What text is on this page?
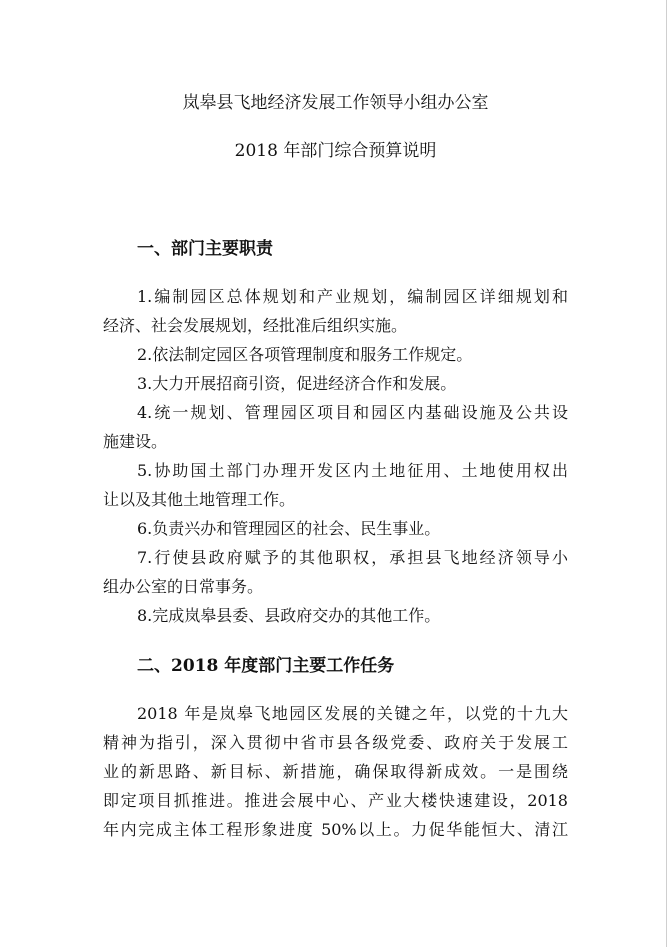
岚皋县飞地经济发展工作领导小组办公室
2018 年部门综合预算说明
一、部门主要职责
1.编制园区总体规划和产业规划，编制园区详细规划和
经济、社会发展规划，经批准后组织实施。
2.依法制定园区各项管理制度和服务工作规定。
3.大力开展招商引资，促进经济合作和发展。
4.统一规划、管理园区项目和园区内基础设施及公共设
施建设。
5.协助国土部门办理开发区内土地征用、土地使用权出
让以及其他土地管理工作。
6.负责兴办和管理园区的社会、民生事业。
7.行使县政府赋予的其他职权，承担县飞地经济领导小
组办公室的日常事务。
8.完成岚皋县委、县政府交办的其他工作。
二、2018 年度部门主要工作任务
2018 年是岚皋飞地园区发展的关键之年，以党的十九大
精神为指引，深入贯彻中省市县各级党委、政府关于发展工
业的新思路、新目标、新措施，确保取得新成效。一是围绕
即定项目抓推进。推进会展中心、产业大楼快速建设，2018
年内完成主体工程形象进度 50%以上。力促华能恒大、清江
